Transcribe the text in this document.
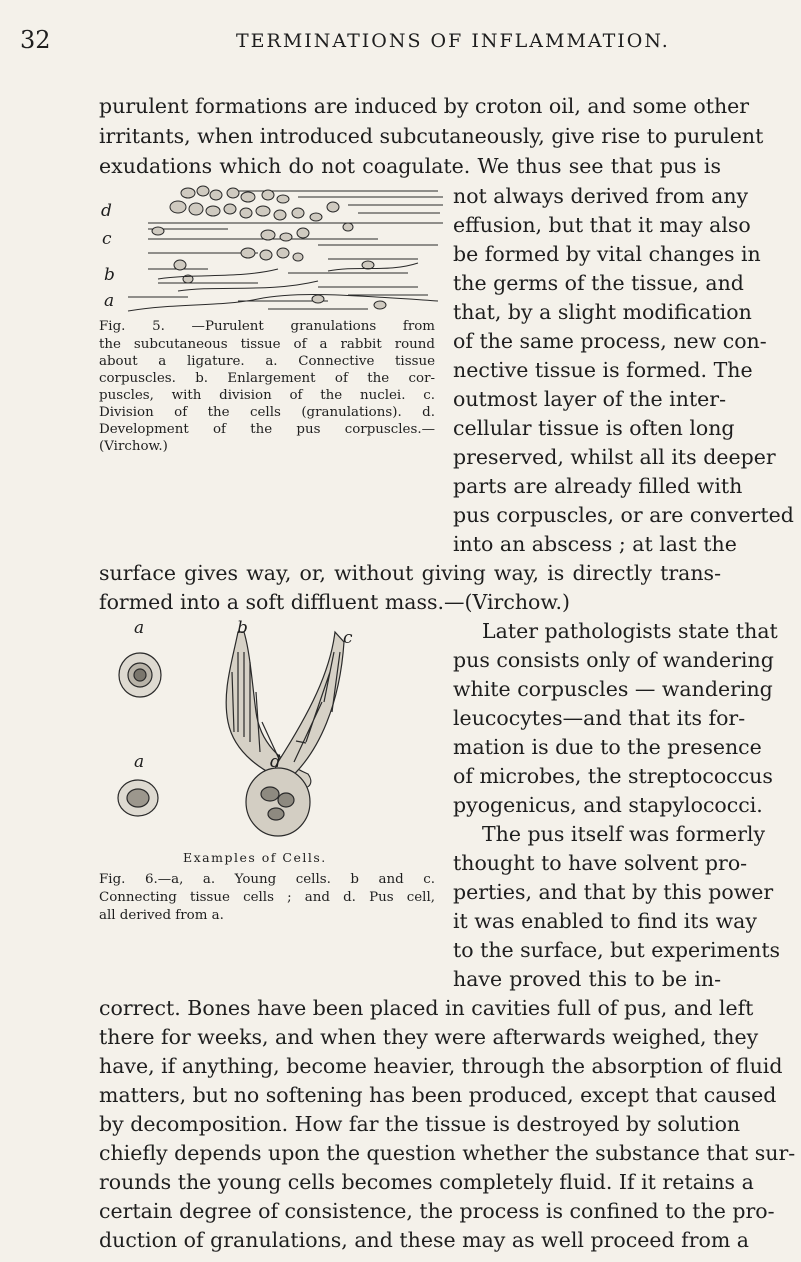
32	TERMINATIONS OF INFLAMMATION.
purulent formations are induced by croton oil, and some other
irritants, when introduced subcutaneously, give rise to purulent
exudations which do not coagulate. We thus see that pus is
not always derived from any
effusion, but that it may also
be formed by vital changes in
the germs of the tissue, and
that, by a slight modification
of the same process, new con-
nective tissue is formed. The
outmost layer of the inter-
cellular tissue is often long
preserved, whilst all its deeper
parts are already filled with
pus corpuscles, or are converted
into an abscess ; at last the
d
c
b
a
Fig. 5. —Purulent granulations from
the subcutaneous tissue of a rabbit round
about a ligature. a. Connective tissue
corpuscles. b. Enlargement of the cor-
puscles, with division of the nuclei. c.
Division of the cells (granulations). d.
Development of the pus corpuscles.—
(Virchow.)
surface gives way, or, without giving way, is directly trans-
formed into a soft diffluent mass.—(Virchow.)
Later pathologists state that
pus consists only of wandering
white corpuscles — wandering
leucocytes—and that its for-
mation is due to the presence
of microbes, the streptococcus
pyogenicus, and stapylococci.
The pus itself was formerly
thought to have solvent pro-
perties, and that by this power
it was enabled to find its way
to the surface, but experiments
have proved this to be in-
a	b	c
a	d
Examples of Cells.
Fig. 6.—a, a. Young cells. b and c.
Connecting tissue cells ; and d. Pus cell,
all derived from a.
correct. Bones have been placed in cavities full of pus, and left
there for weeks, and when they were afterwards weighed, they
have, if anything, become heavier, through the absorption of fluid
matters, but no softening has been produced, except that caused
by decomposition. How far the tissue is destroyed by solution
chiefly depends upon the question whether the substance that sur-
rounds the young cells becomes completely fluid. If it retains a
certain degree of consistence, the process is confined to the pro-
duction of granulations, and these may as well proceed from a
